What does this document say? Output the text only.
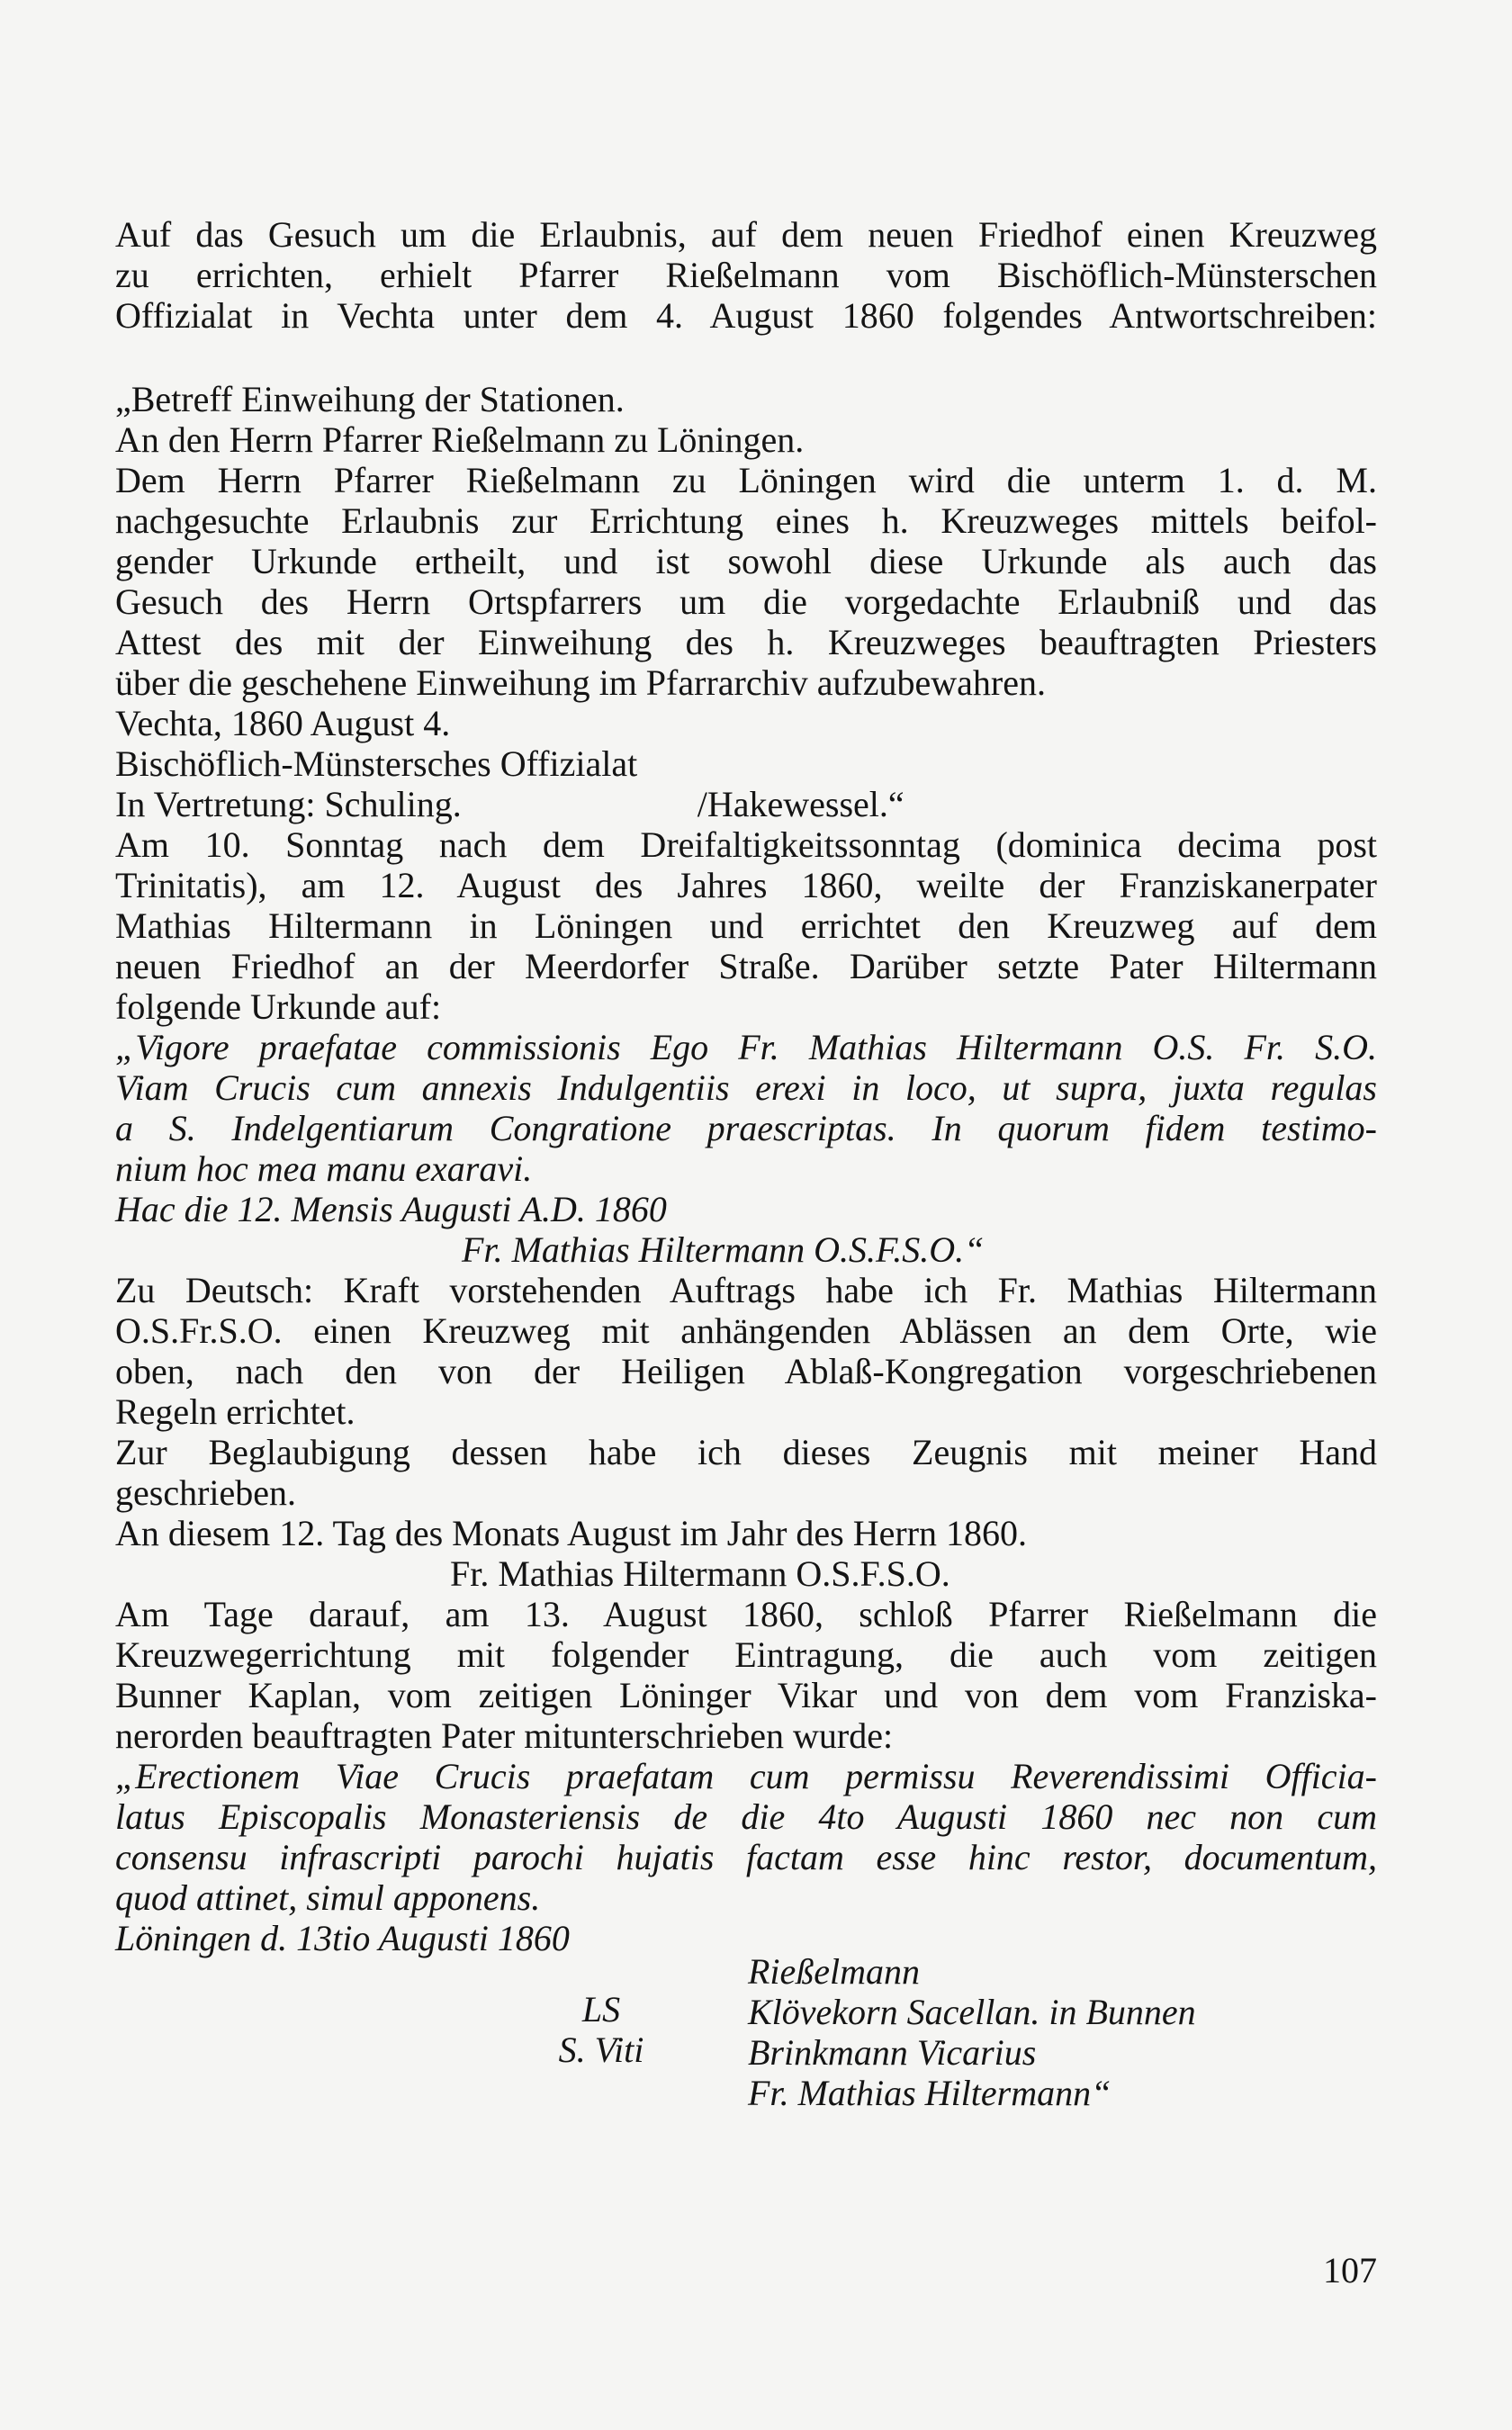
Auf das Gesuch um die Erlaubnis, auf dem neuen Friedhof einen Kreuzweg
zu errichten, erhielt Pfarrer Rießelmann vom Bischöflich-Münsterschen
Offizialat in Vechta unter dem 4. August 1860 folgendes Antwortschreiben:
„Betreff Einweihung der Stationen.
An den Herrn Pfarrer Rießelmann zu Löningen.
Dem Herrn Pfarrer Rießelmann zu Löningen wird die unterm 1. d. M.
nachgesuchte Erlaubnis zur Errichtung eines h. Kreuzweges mittels beifol-
gender Urkunde ertheilt, und ist sowohl diese Urkunde als auch das
Gesuch des Herrn Ortspfarrers um die vorgedachte Erlaubniß und das
Attest des mit der Einweihung des h. Kreuzweges beauftragten Priesters
über die geschehene Einweihung im Pfarrarchiv aufzubewahren.
Vechta, 1860 August 4.
Bischöflich-Münstersches Offizialat
In Vertretung: Schuling.	/Hakewessel.“
Am 10. Sonntag nach dem Dreifaltigkeitssonntag (dominica decima post
Trinitatis), am 12. August des Jahres 1860, weilte der Franziskanerpater
Mathias Hiltermann in Löningen und errichtet den Kreuzweg auf dem
neuen Friedhof an der Meerdorfer Straße. Darüber setzte Pater Hiltermann
folgende Urkunde auf:
„Vigore praefatae commissionis Ego Fr. Mathias Hiltermann O.S. Fr. S.O.
Viam Crucis cum annexis Indulgentiis erexi in loco, ut supra, juxta regulas
a S. Indelgentiarum Congratione praescriptas. In quorum fidem testimo-
nium hoc mea manu exaravi.
Hac die 12. Mensis Augusti A.D. 1860
Fr. Mathias Hiltermann O.S.F.S.O.“
Zu Deutsch: Kraft vorstehenden Auftrags habe ich Fr. Mathias Hiltermann
O.S.Fr.S.O. einen Kreuzweg mit anhängenden Ablässen an dem Orte, wie
oben, nach den von der Heiligen Ablaß-Kongregation vorgeschriebenen
Regeln errichtet.
Zur Beglaubigung dessen habe ich dieses Zeugnis mit meiner Hand
geschrieben.
An diesem 12. Tag des Monats August im Jahr des Herrn 1860.
Fr. Mathias Hiltermann O.S.F.S.O.
Am Tage darauf, am 13. August 1860, schloß Pfarrer Rießelmann die
Kreuzwegerrichtung mit folgender Eintragung, die auch vom zeitigen
Bunner Kaplan, vom zeitigen Löninger Vikar und von dem vom Franziska-
nerorden beauftragten Pater mitunterschrieben wurde:
„Erectionem Viae Crucis praefatam cum permissu Reverendissimi Officia-
latus Episcopalis Monasteriensis de die 4to Augusti 1860 nec non cum
consensu infrascripti parochi hujatis factam esse hinc restor, documentum,
quod attinet, simul apponens.
Löningen d. 13tio Augusti 1860
LS
S. Viti
Rießelmann
Klövekorn Sacellan. in Bunnen
Brinkmann Vicarius
Fr. Mathias Hiltermann“
107
